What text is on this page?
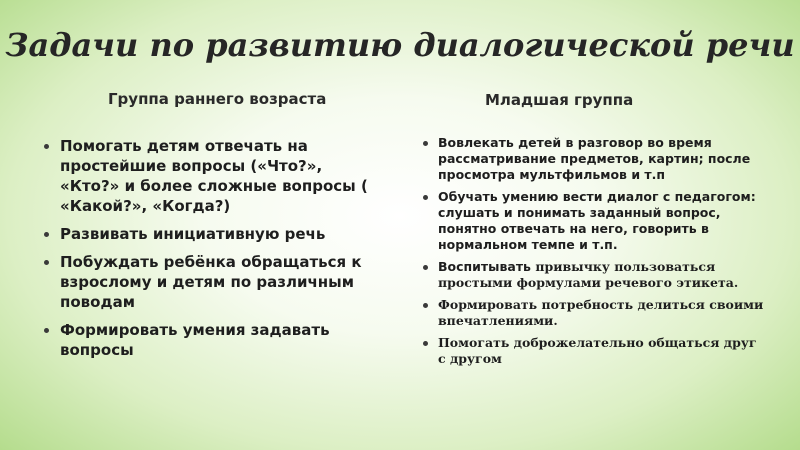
Задачи по развитию диалогической речи
Группа раннего возраста	Младшая группа
Помогать детям отвечать на простейшие вопросы («Что?», «Кто?» и более сложные вопросы ( «Какой?», «Когда?)
Развивать инициативную речь
Побуждать ребёнка обращаться к взрослому и детям по различным поводам
Формировать умения задавать вопросы
Вовлекать детей в разговор во время рассматривание предметов, картин; после просмотра мультфильмов и т.п
Обучать умению вести диалог с педагогом: слушать и понимать заданный вопрос, понятно отвечать на него, говорить в нормальном темпе и т.п.
Воспитывать привычку пользоваться простыми формулами речевого этикета.
Формировать потребность делиться своими впечатлениями.
Помогать доброжелательно общаться друг с другом
